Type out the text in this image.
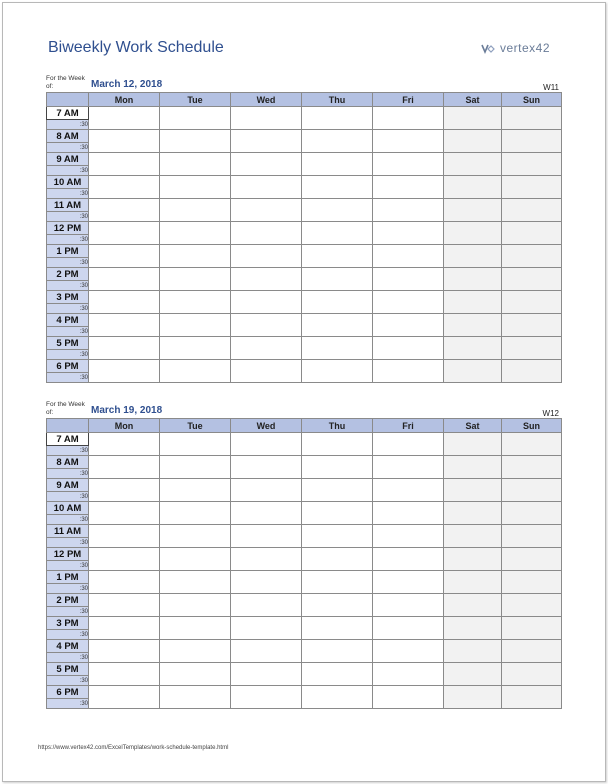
Biweekly Work Schedule	vertex42
For the Week of:	March 12, 2018	W11
	Mon	Tue	Wed	Thu	Fri	Sat	Sun
7 AM							
:30							
8 AM							
:30							
9 AM							
:30							
10 AM							
:30							
11 AM							
:30							
12 PM							
:30							
1 PM							
:30							
2 PM							
:30							
3 PM							
:30							
4 PM							
:30							
5 PM							
:30							
6 PM							
:30							
For the Week of:	March 19, 2018	W12
	Mon	Tue	Wed	Thu	Fri	Sat	Sun
7 AM							
:30							
8 AM							
:30							
9 AM							
:30							
10 AM							
:30							
11 AM							
:30							
12 PM							
:30							
1 PM							
:30							
2 PM							
:30							
3 PM							
:30							
4 PM							
:30							
5 PM							
:30							
6 PM							
:30							
https://www.vertex42.com/ExcelTemplates/work-schedule-template.html
